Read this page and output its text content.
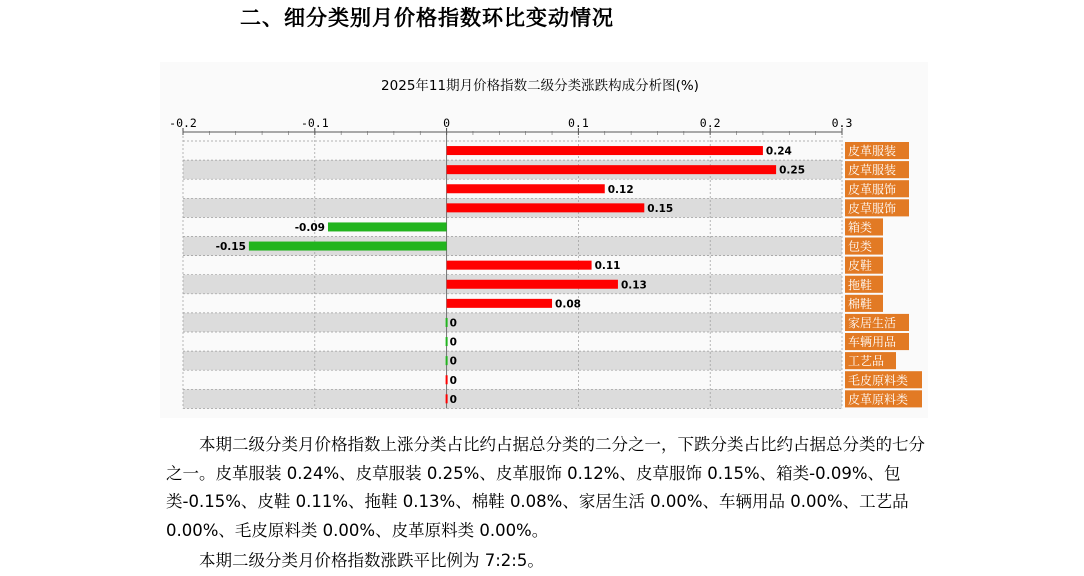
二、细分类别月价格指数环比变动情况
2025年11期月价格指数二级分类涨跌构成分析图(%)
-0.2	-0.1	0	0.1	0.2	0.3
0.24	皮革服装
0.25	皮草服装
0.12	皮革服饰
0.15	皮草服饰
-0.09	箱类
-0.15	包类
0.11	皮鞋
0.13	拖鞋
0.08	棉鞋
0	家居生活
0	车辆用品
0	工艺品
0	毛皮原料类
0	皮革原料类
本期二级分类月价格指数上涨分类占比约占据总分类的二分之一，下跌分类占比约占据总分类的七分之一。皮革服装 0.24%、皮草服装 0.25%、皮革服饰 0.12%、皮草服饰 0.15%、箱类-0.09%、包类-0.15%、皮鞋 0.11%、拖鞋 0.13%、棉鞋 0.08%、家居生活 0.00%、车辆用品 0.00%、工艺品 0.00%、毛皮原料类 0.00%、皮革原料类 0.00%。
本期二级分类月价格指数涨跌平比例为 7:2:5。
